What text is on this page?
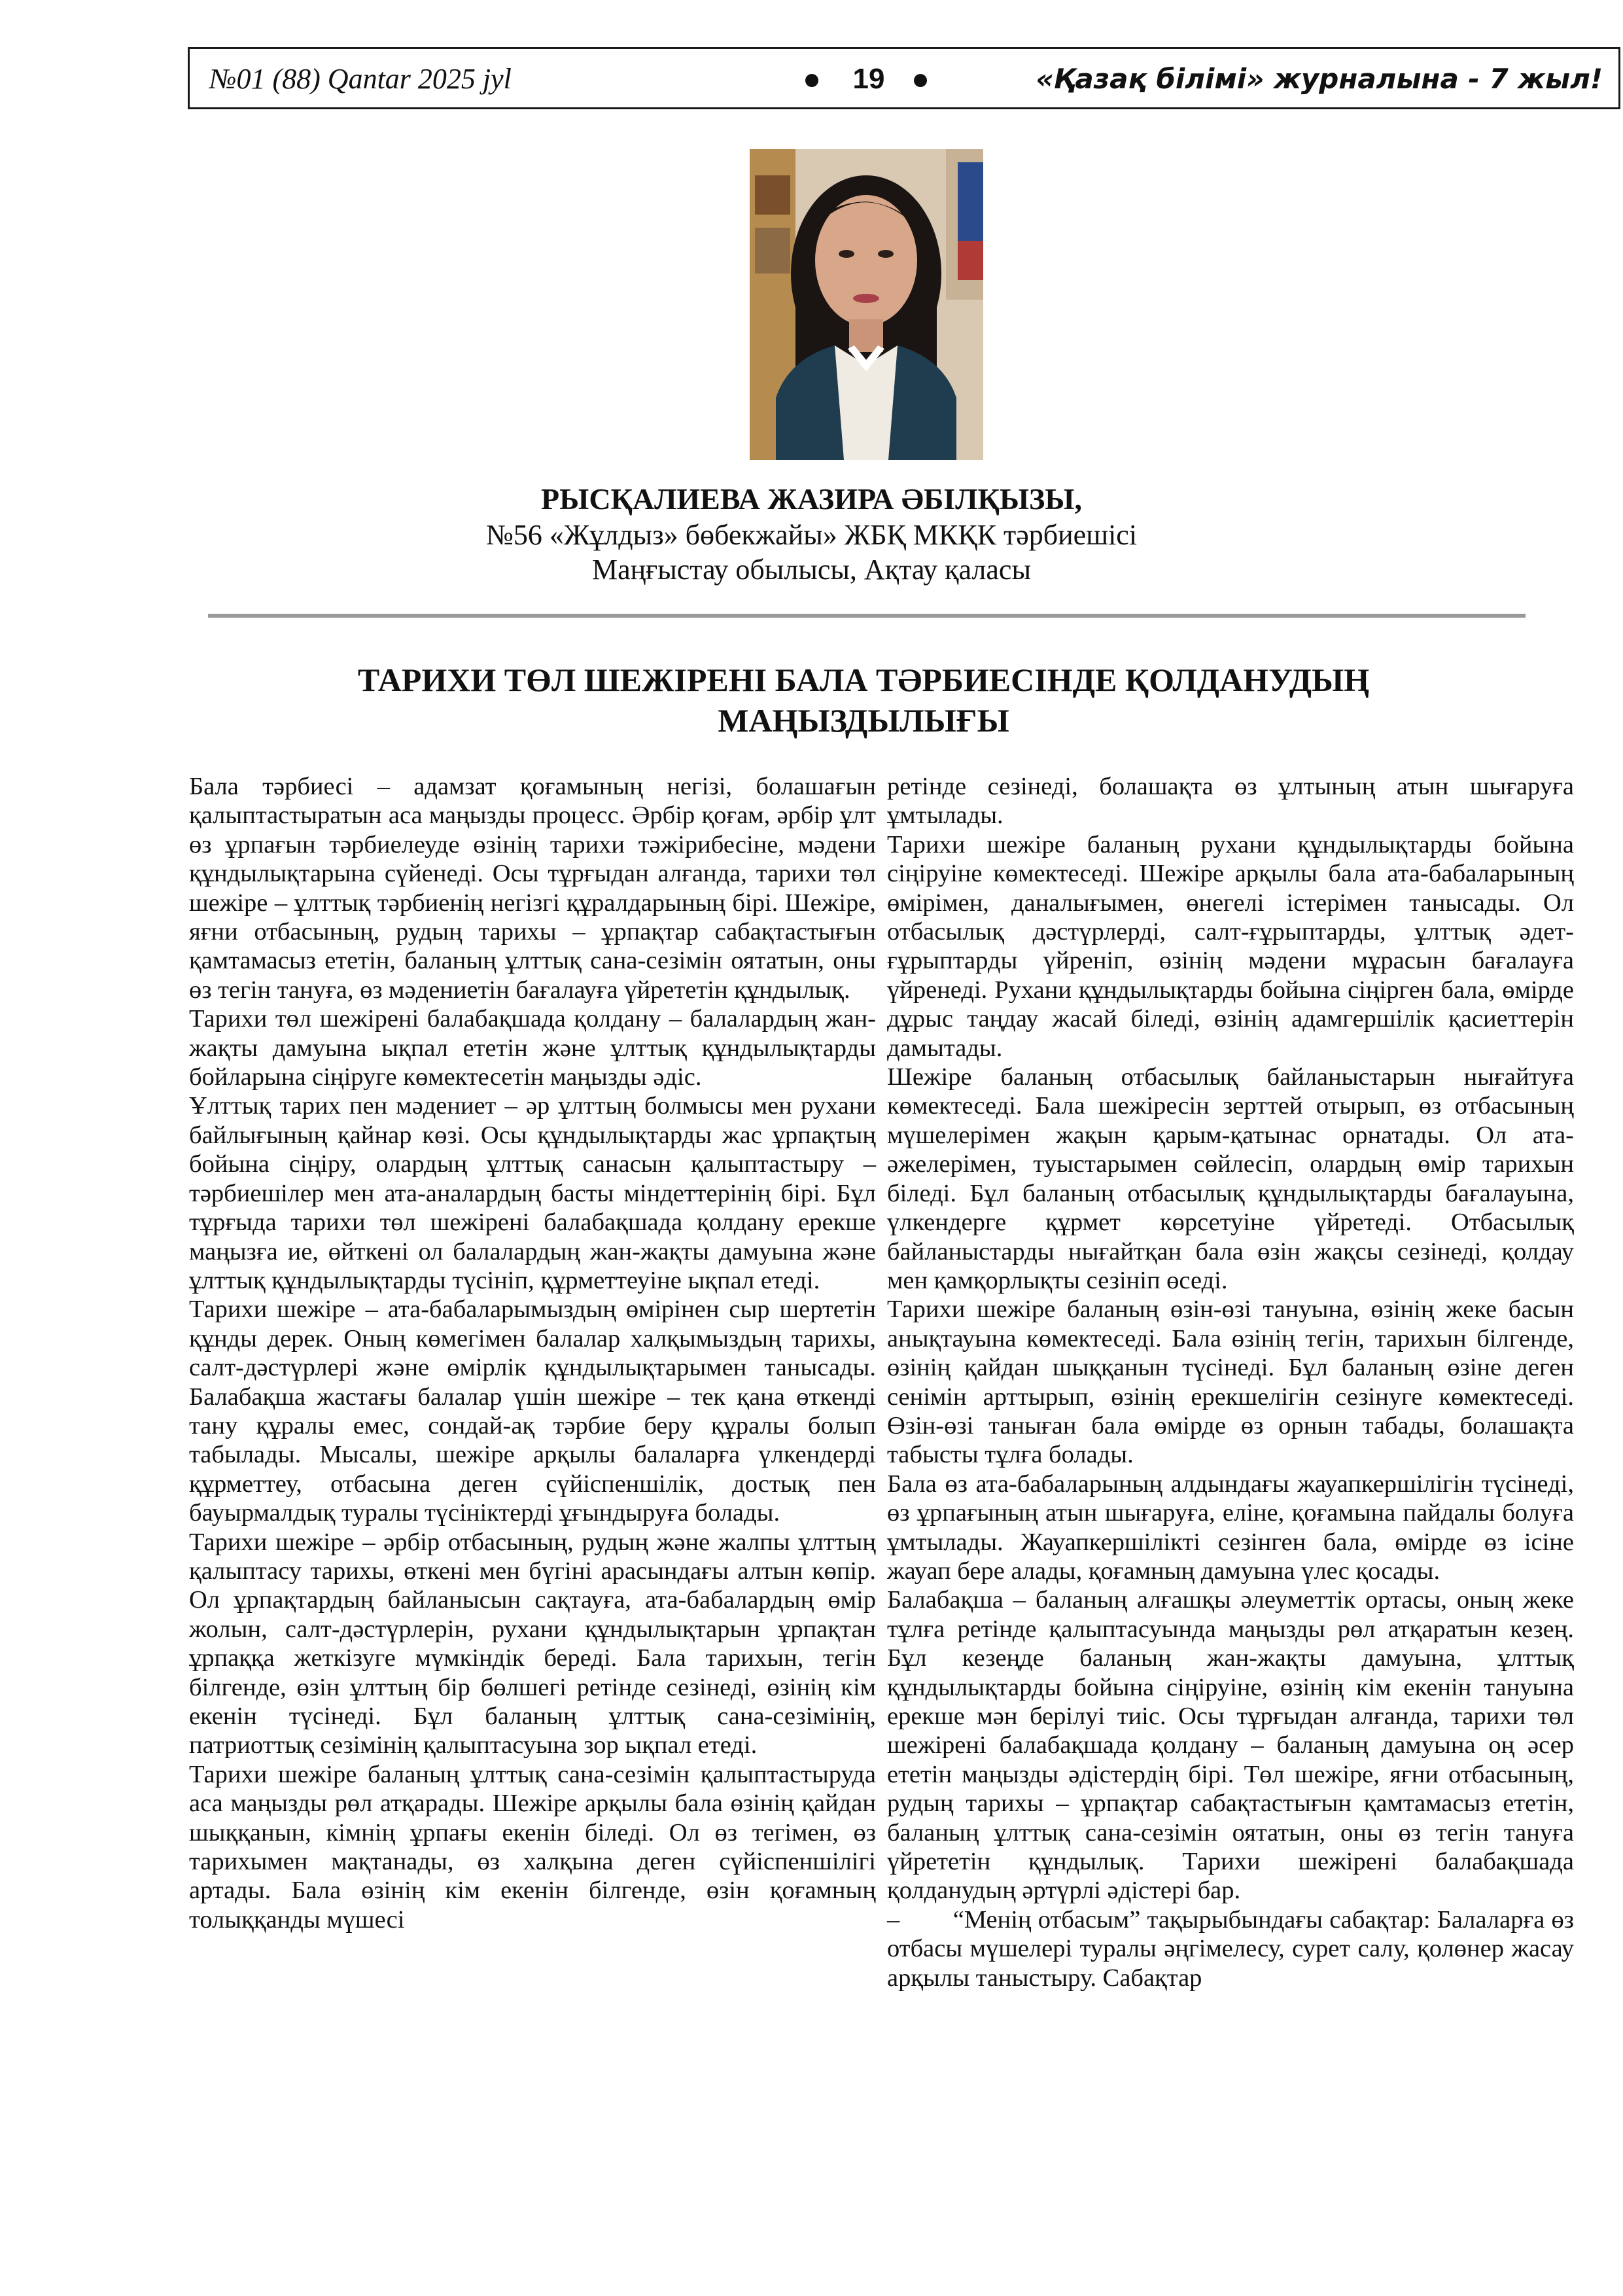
№01 (88) Qantar 2025 jyl	19	«Қазақ білімі» журналына - 7 жыл!
РЫСҚАЛИЕВА ЖАЗИРА ӘБІЛҚЫЗЫ,
№56 «Жұлдыз» бөбекжайы» ЖБҚ МКҚК тәрбиешісі
Маңғыстау обылысы, Ақтау қаласы
ТАРИХИ ТӨЛ ШЕЖІРЕНІ БАЛА ТӘРБИЕСІНДЕ ҚОЛДАНУДЫҢ
МАҢЫЗДЫЛЫҒЫ

Бала тәрбиесі – адамзат қоғамының негізі, болашағын қалыптастыратын аса маңызды процесс. Әрбір қоғам, әрбір ұлт өз ұрпағын тәрбиелеуде өзінің тарихи тәжірибесіне, мәдени құндылықтарына сүйенеді. Осы тұрғыдан алғанда, тарихи төл шежіре – ұлттық тәрбиенің негізгі құралдарының бірі. Шежіре, яғни отбасының, рудың тарихы – ұрпақтар сабақтастығын қамтамасыз ететін, баланың ұлттық сана-сезімін оятатын, оны өз тегін тануға, өз мәдениетін бағалауға үйрететін құндылық.

Тарихи төл шежірені балабақшада қолдану – балалардың жан-жақты дамуына ықпал ететін және ұлттық құндылықтарды бойларына сіңіруге көмектесетін маңызды әдіс.

Ұлттық тарих пен мәдениет – әр ұлттың болмысы мен рухани байлығының қайнар көзі. Осы құндылықтарды жас ұрпақтың бойына сіңіру, олардың ұлттық санасын қалыптастыру – тәрбиешілер мен ата-аналардың басты міндеттерінің бірі. Бұл тұрғыда тарихи төл шежірені балабақшада қолдану ерекше маңызға ие, өйткені ол балалардың жан-жақты дамуына және ұлттық құндылықтарды түсініп, құрметтеуіне ықпал етеді.

Тарихи шежіре – ата-бабаларымыздың өмірінен сыр шертетін құнды дерек. Оның көмегімен балалар халқымыздың тарихы, салт-дәстүрлері және өмірлік құндылықтарымен танысады. Балабақша жастағы балалар үшін шежіре – тек қана өткенді тану құралы емес, сондай-ақ тәрбие беру құралы болып табылады. Мысалы, шежіре арқылы балаларға үлкендерді құрметтеу, отбасына деген сүйіспеншілік, достық пен бауырмалдық туралы түсініктерді ұғындыруға болады.

Тарихи шежіре – әрбір отбасының, рудың және жалпы ұлттың қалыптасу тарихы, өткені мен бүгіні арасындағы алтын көпір. Ол ұрпақтардың байланысын сақтауға, ата-бабалардың өмір жолын, салт-дәстүрлерін, рухани құндылықтарын ұрпақтан ұрпаққа жеткізуге мүмкіндік береді. Бала тарихын, тегін білгенде, өзін ұлттың бір бөлшегі ретінде сезінеді, өзінің кім екенін түсінеді. Бұл баланың ұлттық сана-сезімінің, патриоттық сезімінің қалыптасуына зор ықпал етеді.

Тарихи шежіре баланың ұлттық сана-сезімін қалыптастыруда аса маңызды рөл атқарады. Шежіре арқылы бала өзінің қайдан шыққанын, кімнің ұрпағы екенін біледі. Ол өз тегімен, өз тарихымен мақтанады, өз халқына деген сүйіспеншілігі артады. Бала өзінің кім екенін білгенде, өзін қоғамның толыққанды мүшесі

ретінде сезінеді, болашақта өз ұлтының атын шығаруға ұмтылады.

Тарихи шежіре баланың рухани құндылықтарды бойына сіңіруіне көмектеседі. Шежіре арқылы бала ата-бабаларының өмірімен, даналығымен, өнегелі істерімен танысады. Ол отбасылық дәстүрлерді, салт-ғұрыптарды, ұлттық әдет-ғұрыптарды үйреніп, өзінің мәдени мұрасын бағалауға үйренеді. Рухани құндылықтарды бойына сіңірген бала, өмірде дұрыс таңдау жасай біледі, өзінің адамгершілік қасиеттерін дамытады.

Шежіре баланың отбасылық байланыстарын нығайтуға көмектеседі. Бала шежіресін зерттей отырып, өз отбасының мүшелерімен жақын қарым-қатынас орнатады. Ол ата-әжелерімен, туыстарымен сөйлесіп, олардың өмір тарихын біледі. Бұл баланың отбасылық құндылықтарды бағалауына, үлкендерге құрмет көрсетуіне үйретеді. Отбасылық байланыстарды нығайтқан бала өзін жақсы сезінеді, қолдау мен қамқорлықты сезініп өседі.

Тарихи шежіре баланың өзін-өзі тануына, өзінің жеке басын анықтауына көмектеседі. Бала өзінің тегін, тарихын білгенде, өзінің қайдан шыққанын түсінеді. Бұл баланың өзіне деген сенімін арттырып, өзінің ерекшелігін сезінуге көмектеседі. Өзін-өзі таныған бала өмірде өз орнын табады, болашақта табысты тұлға болады.

Бала өз ата-бабаларының алдындағы жауапкершілігін түсінеді, өз ұрпағының атын шығаруға, еліне, қоғамына пайдалы болуға ұмтылады. Жауапкершілікті сезінген бала, өмірде өз ісіне жауап бере алады, қоғамның дамуына үлес қосады.

Балабақша – баланың алғашқы әлеуметтік ортасы, оның жеке тұлға ретінде қалыптасуында маңызды рөл атқаратын кезең. Бұл кезеңде баланың жан-жақты дамуына, ұлттық құндылықтарды бойына сіңіруіне, өзінің кім екенін тануына ерекше мән берілуі тиіс. Осы тұрғыдан алғанда, тарихи төл шежірені балабақшада қолдану – баланың дамуына оң әсер ететін маңызды әдістердің бірі. Төл шежіре, яғни отбасының, рудың тарихы – ұрпақтар сабақтастығын қамтамасыз ететін, баланың ұлттық сана-сезімін оятатын, оны өз тегін тануға үйрететін құндылық. Тарихи шежірені балабақшада қолданудың әртүрлі әдістері бар.

–        “Менің отбасым” тақырыбындағы сабақтар: Балаларға өз отбасы мүшелері туралы әңгімелесу, сурет салу, қолөнер жасау арқылы таныстыру. Сабақтар
